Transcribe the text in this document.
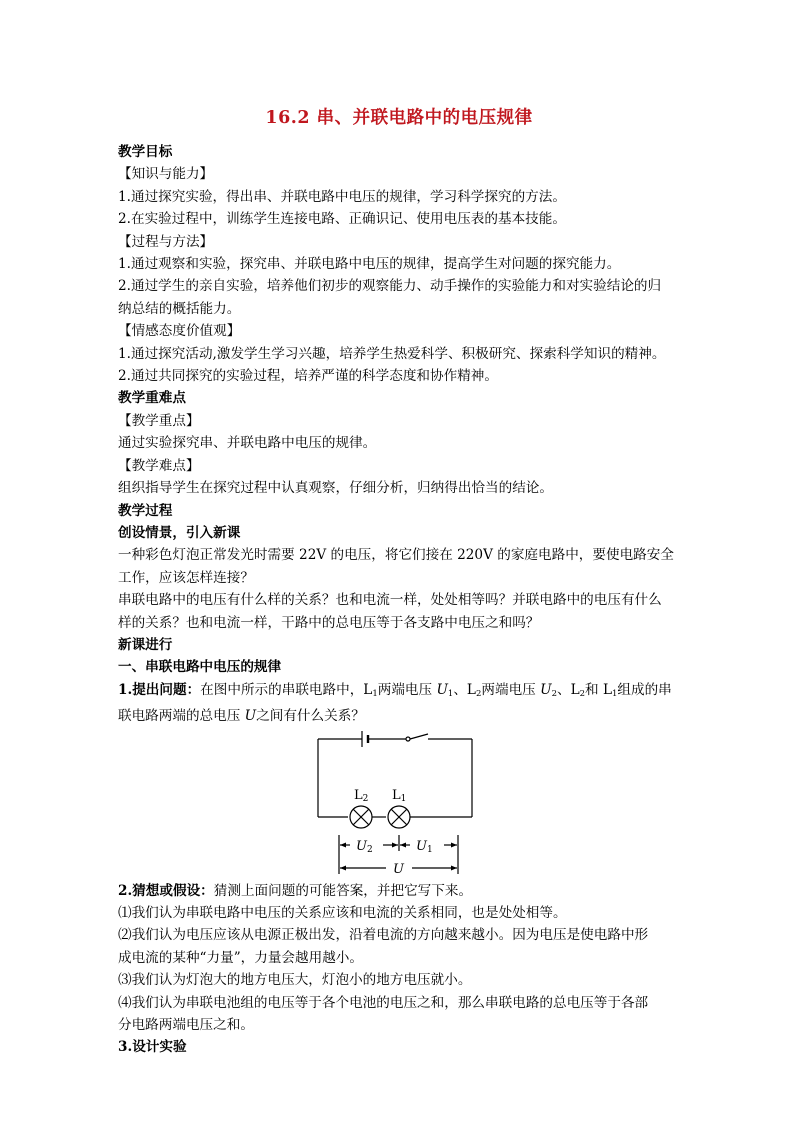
16.2 串、并联电路中的电压规律

教学目标

【知识与能力】

1.通过探究实验，得出串、并联电路中电压的规律，学习科学探究的方法。

2.在实验过程中，训练学生连接电路、正确识记、使用电压表的基本技能。

【过程与方法】

1.通过观察和实验，探究串、并联电路中电压的规律，提高学生对问题的探究能力。

2.通过学生的亲自实验，培养他们初步的观察能力、动手操作的实验能力和对实验结论的归

纳总结的概括能力。

【情感态度价值观】

1.通过探究活动,激发学生学习兴趣，培养学生热爱科学、积极研究、探索科学知识的精神。

2.通过共同探究的实验过程，培养严谨的科学态度和协作精神。

教学重难点

【教学重点】

通过实验探究串、并联电路中电压的规律。

【教学难点】

组织指导学生在探究过程中认真观察，仔细分析，归纳得出恰当的结论。

教学过程

创设情景，引入新课

一种彩色灯泡正常发光时需要 22V 的电压，将它们接在 220V 的家庭电路中，要使电路安全

工作，应该怎样连接？

串联电路中的电压有什么样的关系？也和电流一样，处处相等吗？并联电路中的电压有什么

样的关系？也和电流一样，干路中的总电压等于各支路中电压之和吗？

新课进行

一、串联电路中电压的规律

1.提出问题：在图中所示的串联电路中，$L_1$两端电压 $U_1$、$L_2$两端电压 $U_2$、$L_2$和 $L_1$组成的串

联电路两端的总电压 U之间有什么关系？

L2 L1
U2	U1
U

2.猜想或假设：猜测上面问题的可能答案，并把它写下来。

⑴我们认为串联电路中电压的关系应该和电流的关系相同，也是处处相等。

⑵我们认为电压应该从电源正极出发，沿着电流的方向越来越小。因为电压是使电路中形

成电流的某种“力量”，力量会越用越小。

⑶我们认为灯泡大的地方电压大，灯泡小的地方电压就小。

⑷我们认为串联电池组的电压等于各个电池的电压之和，那么串联电路的总电压等于各部

分电路两端电压之和。

3.设计实验
